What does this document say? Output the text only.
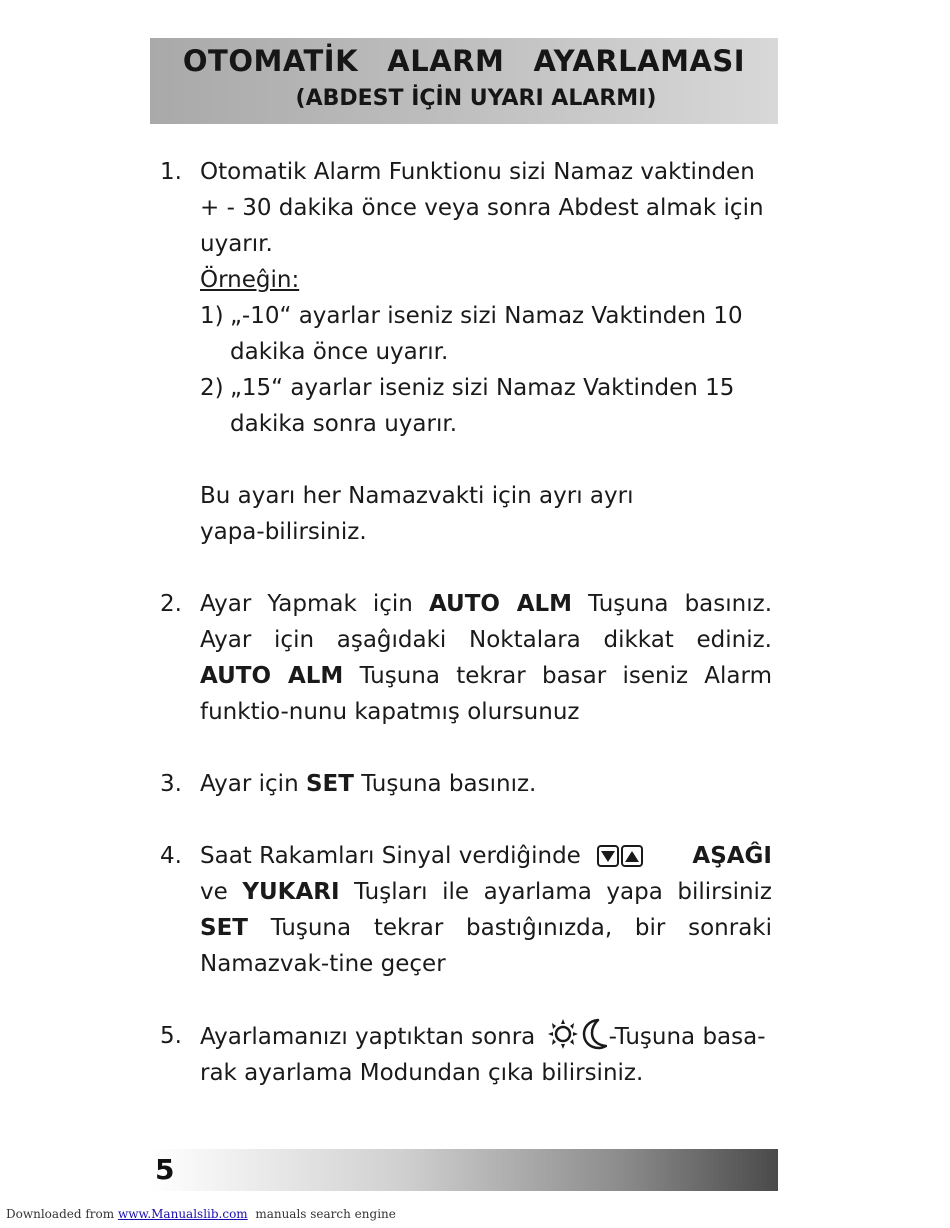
OTOMATİK  ALARM  AYARLAMASI
(ABDEST İÇİN UYARI ALARMI)
1. Otomatik Alarm Funktionu sizi Namaz vaktinden
+ - 30 dakika önce veya sonra Abdest almak için
uyarır.
Örneĝin:
1) „-10“ ayarlar iseniz sizi Namaz Vaktinden 10 dakika önce uyarır.
2) „15“ ayarlar iseniz sizi Namaz Vaktinden 15 dakika sonra uyarır.
Bu ayarı her Namazvakti için ayrı ayrı yapa-bilirsiniz.
2. Ayar Yapmak için AUTO ALM Tuşuna basınız. Ayar için aşaĝıdaki Noktalara dikkat ediniz. AUTO ALM Tuşuna tekrar basar iseniz Alarm funktio-nunu kapatmış olursunuz
3. Ayar için SET Tuşuna basınız.
4. Saat Rakamları Sinyal verdiĝinde	AŞAĜI
ve YUKARI Tuşları ile ayarlama yapa bilirsiniz SET Tuşuna tekrar bastıĝınızda, bir sonraki Namazvak-tine geçer
5. Ayarlamanızı yaptıktan sonra	-Tuşuna basa-rak ayarlama Modundan çıka bilirsiniz.
5
Downloaded from www.Manualslib.com  manuals search engine
